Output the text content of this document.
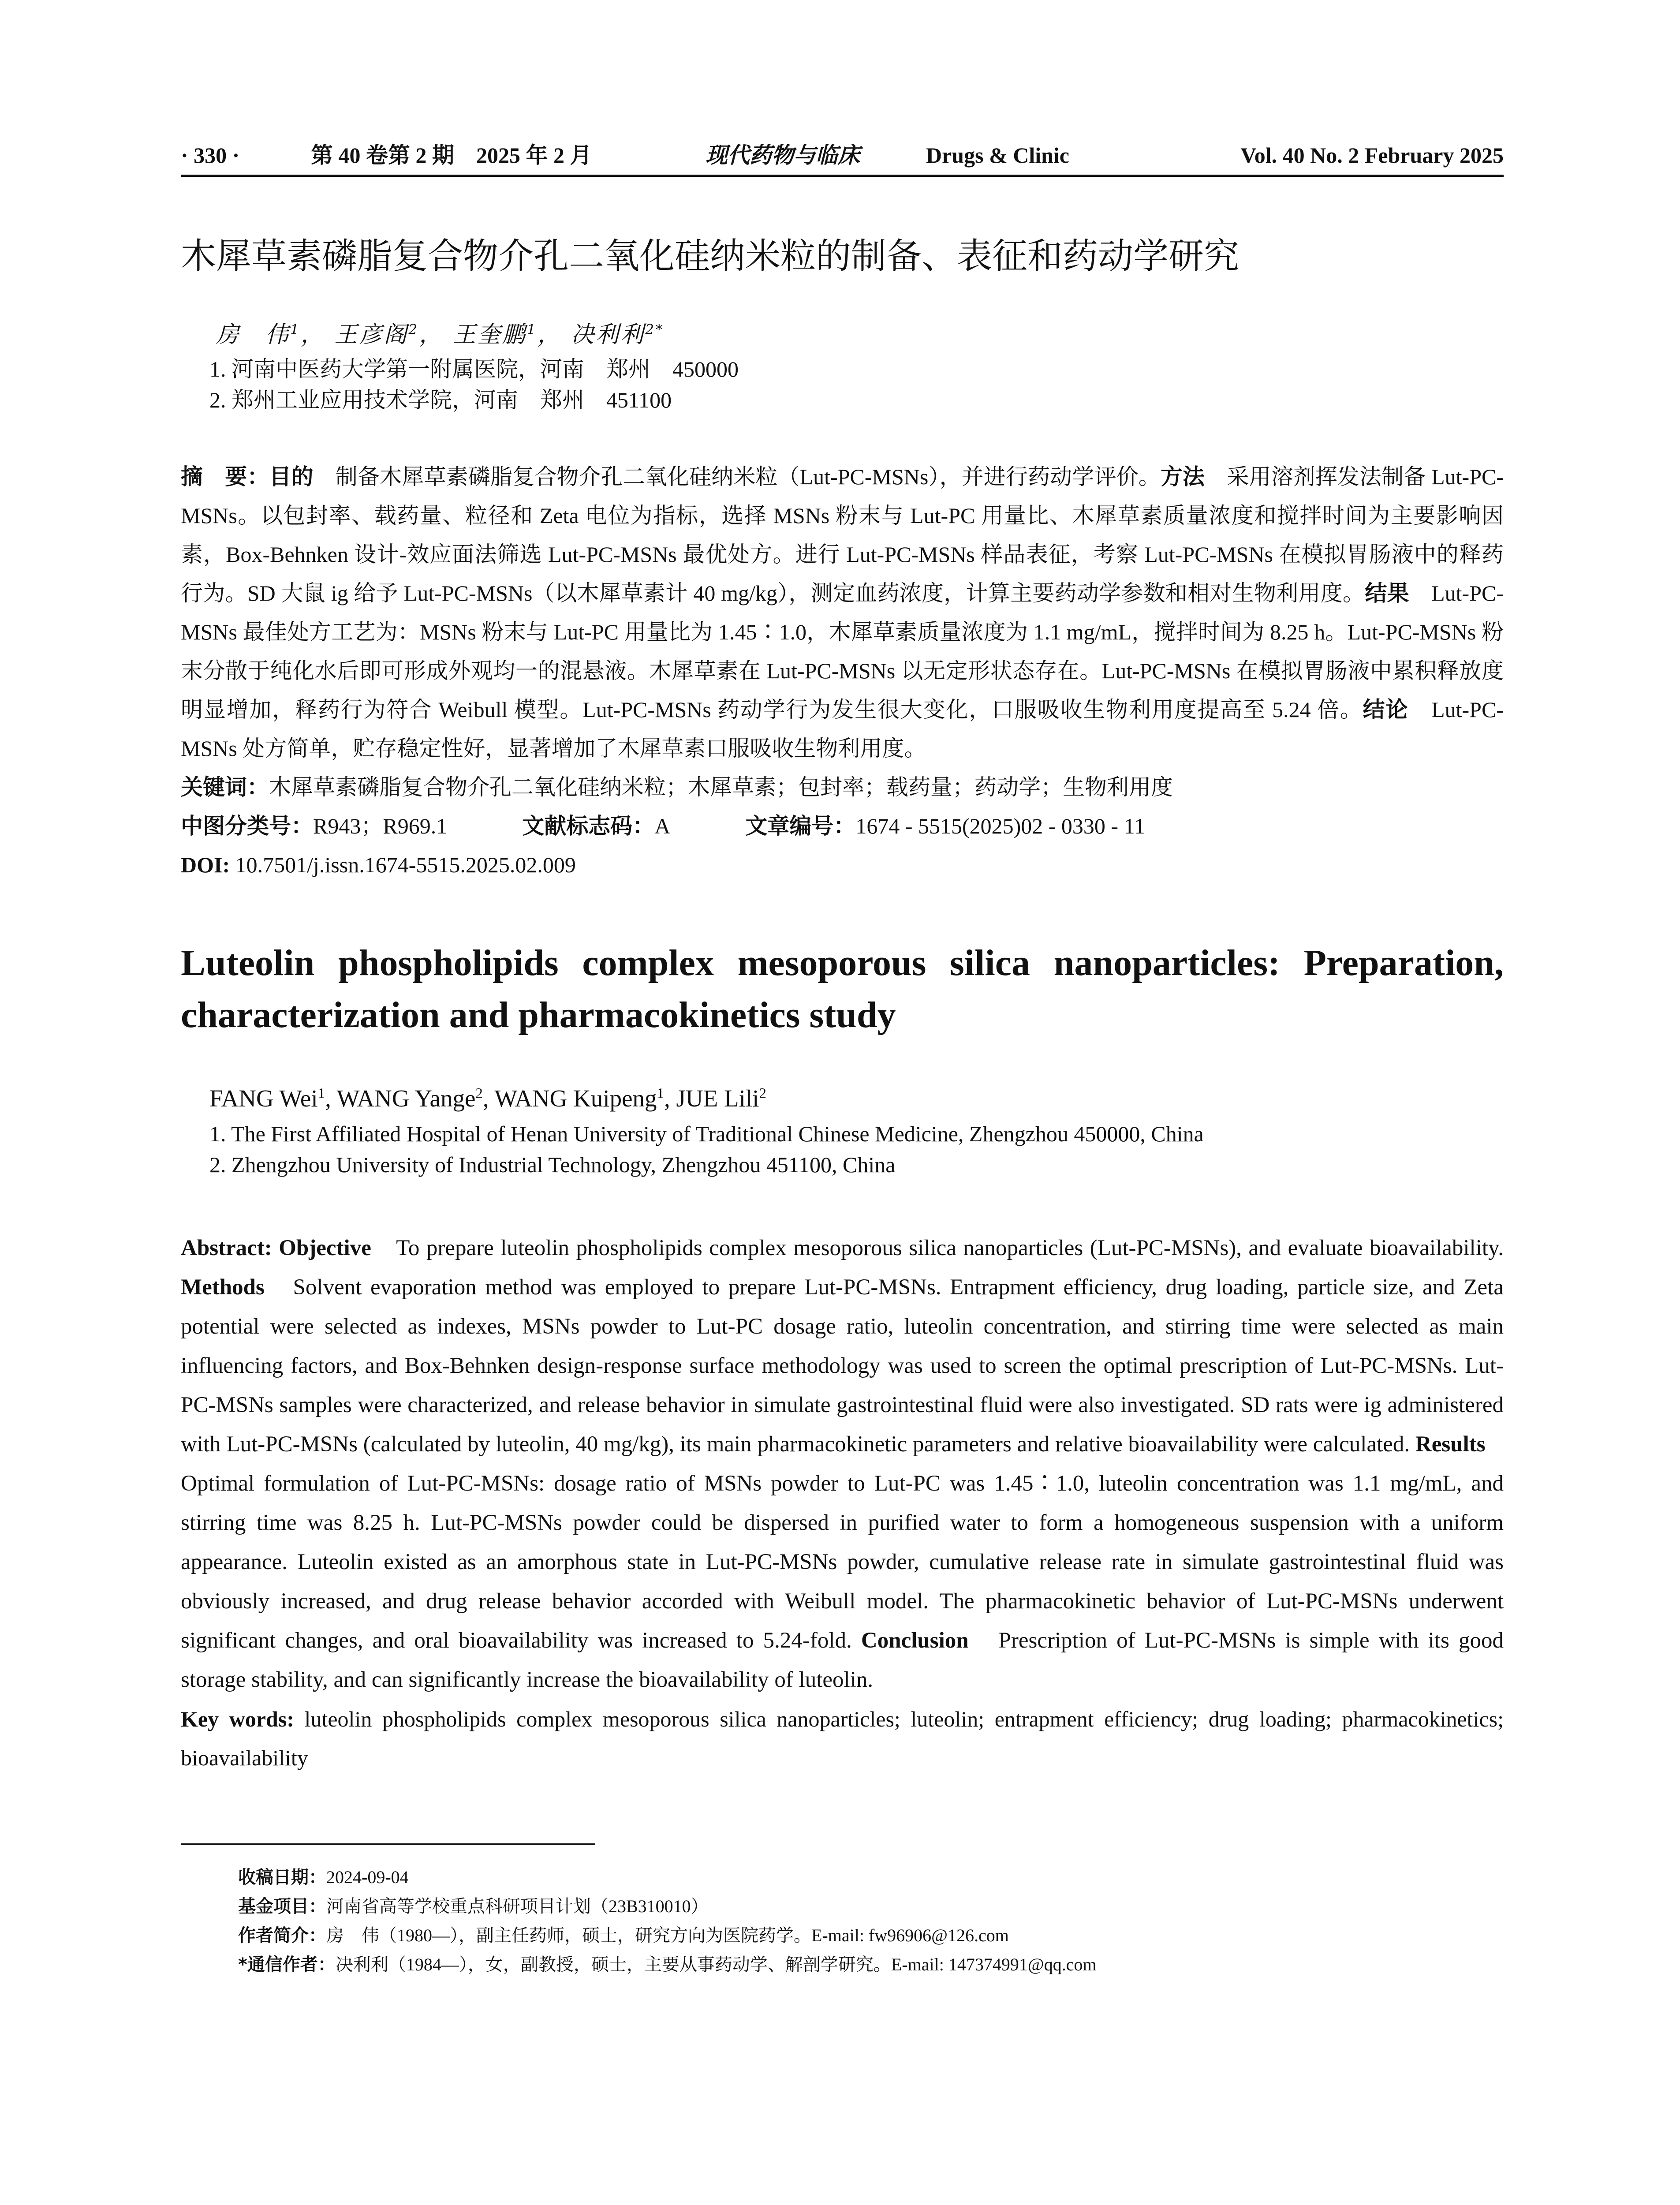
· 330 ·	第 40 卷第 2 期　2025 年 2 月	现代药物与临床	Drugs & Clinic	Vol. 40 No. 2 February 2025
木犀草素磷脂复合物介孔二氧化硅纳米粒的制备、表征和药动学研究
房　伟$^1$， 王彦阁$^2$， 王奎鹏$^1$， 决利利$^{2*}$
1. 河南中医药大学第一附属医院，河南　郑州　450000
2. 郑州工业应用技术学院，河南　郑州　451100
摘　要：目的　制备木犀草素磷脂复合物介孔二氧化硅纳米粒（Lut-PC-MSNs），并进行药动学评价。方法　采用溶剂挥发法制备 Lut-PC-MSNs。以包封率、载药量、粒径和 Zeta 电位为指标，选择 MSNs 粉末与 Lut-PC 用量比、木犀草素质量浓度和搅拌时间为主要影响因素，Box-Behnken 设计-效应面法筛选 Lut-PC-MSNs 最优处方。进行 Lut-PC-MSNs 样品表征，考察 Lut-PC-MSNs 在模拟胃肠液中的释药行为。SD 大鼠 ig 给予 Lut-PC-MSNs（以木犀草素计 40 mg/kg），测定血药浓度，计算主要药动学参数和相对生物利用度。结果　Lut-PC-MSNs 最佳处方工艺为：MSNs 粉末与 Lut-PC 用量比为 1.45∶1.0，木犀草素质量浓度为 1.1 mg/mL，搅拌时间为 8.25 h。Lut-PC-MSNs 粉末分散于纯化水后即可形成外观均一的混悬液。木犀草素在 Lut-PC-MSNs 以无定形状态存在。Lut-PC-MSNs 在模拟胃肠液中累积释放度明显增加，释药行为符合 Weibull 模型。Lut-PC-MSNs 药动学行为发生很大变化，口服吸收生物利用度提高至 5.24 倍。结论　Lut-PC-MSNs 处方简单，贮存稳定性好，显著增加了木犀草素口服吸收生物利用度。
关键词：木犀草素磷脂复合物介孔二氧化硅纳米粒；木犀草素；包封率；载药量；药动学；生物利用度
中图分类号：R943；R969.1	文献标志码：A	文章编号：1674 - 5515(2025)02 - 0330 - 11
DOI: 10.7501/j.issn.1674-5515.2025.02.009
Luteolin phospholipids complex mesoporous silica nanoparticles: Preparation,
characterization and pharmacokinetics study
FANG Wei$^1$, WANG Yange$^2$, WANG Kuipeng$^1$, JUE Lili$^2$
1. The First Affiliated Hospital of Henan University of Traditional Chinese Medicine, Zhengzhou 450000, China
2. Zhengzhou University of Industrial Technology, Zhengzhou 451100, China
Abstract: Objective　To prepare luteolin phospholipids complex mesoporous silica nanoparticles (Lut-PC-MSNs), and evaluate bioavailability. Methods　Solvent evaporation method was employed to prepare Lut-PC-MSNs. Entrapment efficiency, drug loading, particle size, and Zeta potential were selected as indexes, MSNs powder to Lut-PC dosage ratio, luteolin concentration, and stirring time were selected as main influencing factors, and Box-Behnken design-response surface methodology was used to screen the optimal prescription of Lut-PC-MSNs. Lut-PC-MSNs samples were characterized, and release behavior in simulate gastrointestinal fluid were also investigated. SD rats were ig administered with Lut-PC-MSNs (calculated by luteolin, 40 mg/kg), its main pharmacokinetic parameters and relative bioavailability were calculated. Results　Optimal formulation of Lut-PC-MSNs: dosage ratio of MSNs powder to Lut-PC was 1.45∶1.0, luteolin concentration was 1.1 mg/mL, and stirring time was 8.25 h. Lut-PC-MSNs powder could be dispersed in purified water to form a homogeneous suspension with a uniform appearance. Luteolin existed as an amorphous state in Lut-PC-MSNs powder, cumulative release rate in simulate gastrointestinal fluid was obviously increased, and drug release behavior accorded with Weibull model. The pharmacokinetic behavior of Lut-PC-MSNs underwent significant changes, and oral bioavailability was increased to 5.24-fold. Conclusion　Prescription of Lut-PC-MSNs is simple with its good storage stability, and can significantly increase the bioavailability of luteolin.
Key words: luteolin phospholipids complex mesoporous silica nanoparticles; luteolin; entrapment efficiency; drug loading; pharmacokinetics; bioavailability
收稿日期：2024-09-04
基金项目：河南省高等学校重点科研项目计划（23B310010）
作者简介：房　伟（1980—），副主任药师，硕士，研究方向为医院药学。E-mail: fw96906@126.com
*通信作者：决利利（1984—），女，副教授，硕士，主要从事药动学、解剖学研究。E-mail: 147374991@qq.com
